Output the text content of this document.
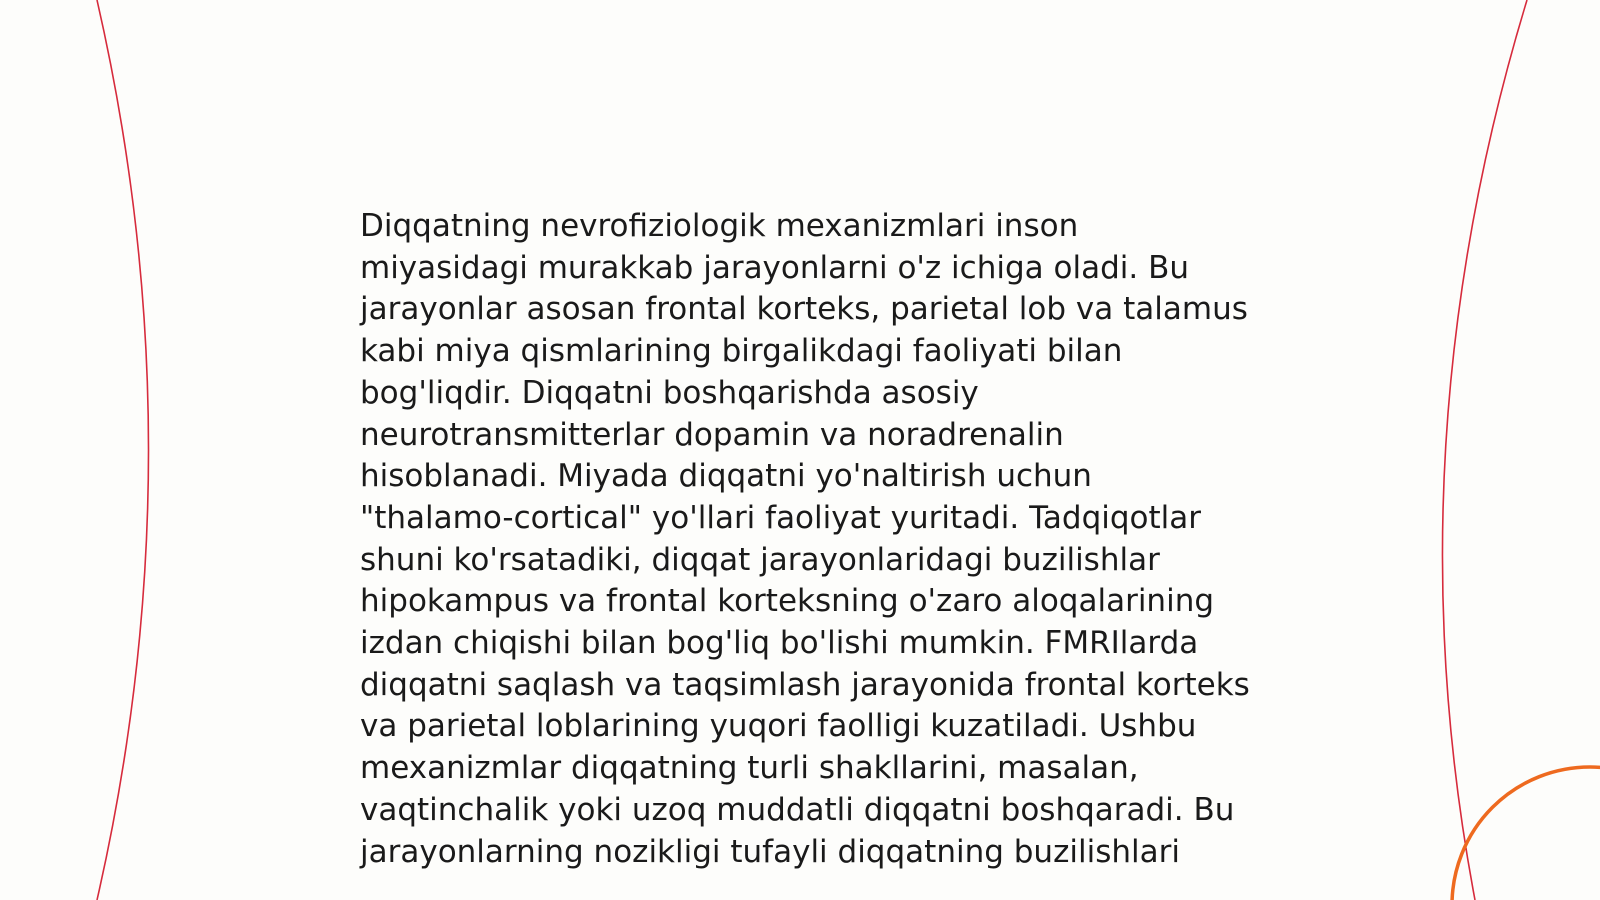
Diqqatning nevrofiziologik mexanizmlari inson miyasidagi murakkab jarayonlarni o'z ichiga oladi. Bu jarayonlar asosan frontal korteks, parietal lob va talamus kabi miya qismlarining birgalikdagi faoliyati bilan bog'liqdir. Diqqatni boshqarishda asosiy neurotransmitterlar dopamin va noradrenalin hisoblanadi. Miyada diqqatni yo'naltirish uchun "thalamo-cortical" yo'llari faoliyat yuritadi. Tadqiqotlar shuni ko'rsatadiki, diqqat jarayonlaridagi buzilishlar hipokampus va frontal korteksning o'zaro aloqalarining izdan chiqishi bilan bog'liq bo'lishi mumkin. FMRIlarda diqqatni saqlash va taqsimlash jarayonida frontal korteks va parietal loblarining yuqori faolligi kuzatiladi. Ushbu mexanizmlar diqqatning turli shakllarini, masalan, vaqtinchalik yoki uzoq muddatli diqqatni boshqaradi. Bu jarayonlarning nozikligi tufayli diqqatning buzilishlari
